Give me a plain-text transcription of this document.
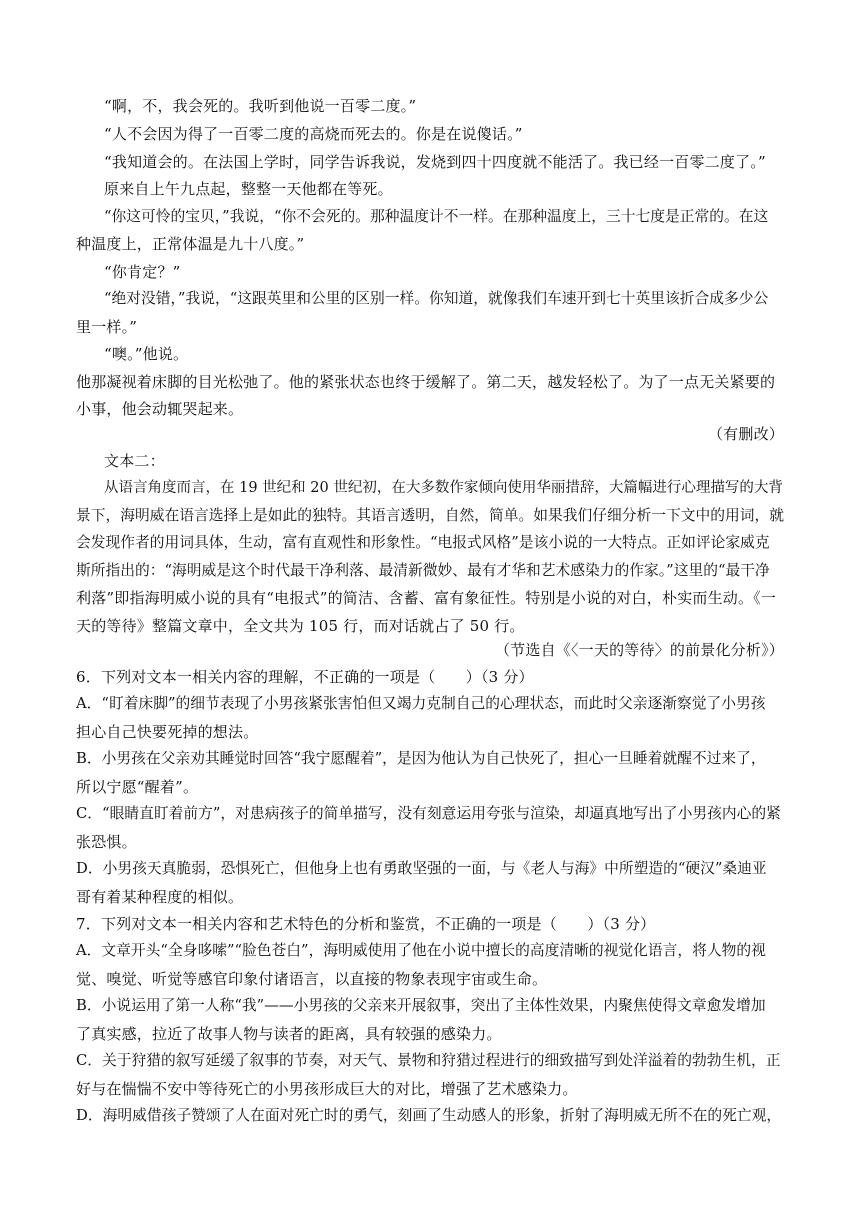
“啊，不，我会死的。我听到他说一百零二度。”
“人不会因为得了一百零二度的高烧而死去的。你是在说傻话。”
“我知道会的。在法国上学时，同学告诉我说，发烧到四十四度就不能活了。我已经一百零二度了。”
原来自上午九点起，整整一天他都在等死。
“你这可怜的宝贝，”我说，“你不会死的。那种温度计不一样。在那种温度上，三十七度是正常的。在这
种温度上，正常体温是九十八度。”
“你肯定？”
“绝对没错，”我说，“这跟英里和公里的区别一样。你知道，就像我们车速开到七十英里该折合成多少公
里一样。”
“噢。”他说。
他那凝视着床脚的目光松弛了。他的紧张状态也终于缓解了。第二天，越发轻松了。为了一点无关紧要的
小事，他会动辄哭起来。
（有删改）
文本二：
从语言角度而言，在 19 世纪和 20 世纪初，在大多数作家倾向使用华丽措辞，大篇幅进行心理描写的大背
景下，海明威在语言选择上是如此的独特。其语言透明，自然，简单。如果我们仔细分析一下文中的用词，就
会发现作者的用词具体，生动，富有直观性和形象性。“电报式风格”是该小说的一大特点。正如评论家威克
斯所指出的：“海明威是这个时代最干净利落、最清新微妙、最有才华和艺术感染力的作家。”这里的“最干净
利落”即指海明威小说的具有“电报式”的简洁、含蓄、富有象征性。特别是小说的对白，朴实而生动。《一
天的等待》整篇文章中，全文共为 105 行，而对话就占了 50 行。
（节选自《〈一天的等待〉的前景化分析》）
6．下列对文本一相关内容的理解，不正确的一项是（　　）（3 分）
A．“盯着床脚”的细节表现了小男孩紧张害怕但又竭力克制自己的心理状态，而此时父亲逐渐察觉了小男孩
担心自己快要死掉的想法。
B．小男孩在父亲劝其睡觉时回答“我宁愿醒着”，是因为他认为自己快死了，担心一旦睡着就醒不过来了，
所以宁愿“醒着”。
C．“眼睛直盯着前方”，对患病孩子的简单描写，没有刻意运用夸张与渲染，却逼真地写出了小男孩内心的紧
张恐惧。
D．小男孩天真脆弱，恐惧死亡，但他身上也有勇敢坚强的一面，与《老人与海》中所塑造的“硬汉”桑迪亚
哥有着某种程度的相似。
7．下列对文本一相关内容和艺术特色的分析和鉴赏，不正确的一项是（　　）（3 分）
A．文章开头“全身哆嗦”“脸色苍白”，海明威使用了他在小说中擅长的高度清晰的视觉化语言，将人物的视
觉、嗅觉、听觉等感官印象付诸语言，以直接的物象表现宇宙或生命。
B．小说运用了第一人称“我”——小男孩的父亲来开展叙事，突出了主体性效果，内聚焦使得文章愈发增加
了真实感，拉近了故事人物与读者的距离，具有较强的感染力。
C．关于狩猎的叙写延缓了叙事的节奏，对天气、景物和狩猎过程进行的细致描写到处洋溢着的勃勃生机，正
好与在惴惴不安中等待死亡的小男孩形成巨大的对比，增强了艺术感染力。
D．海明威借孩子赞颂了人在面对死亡时的勇气，刻画了生动感人的形象，折射了海明威无所不在的死亡观，
